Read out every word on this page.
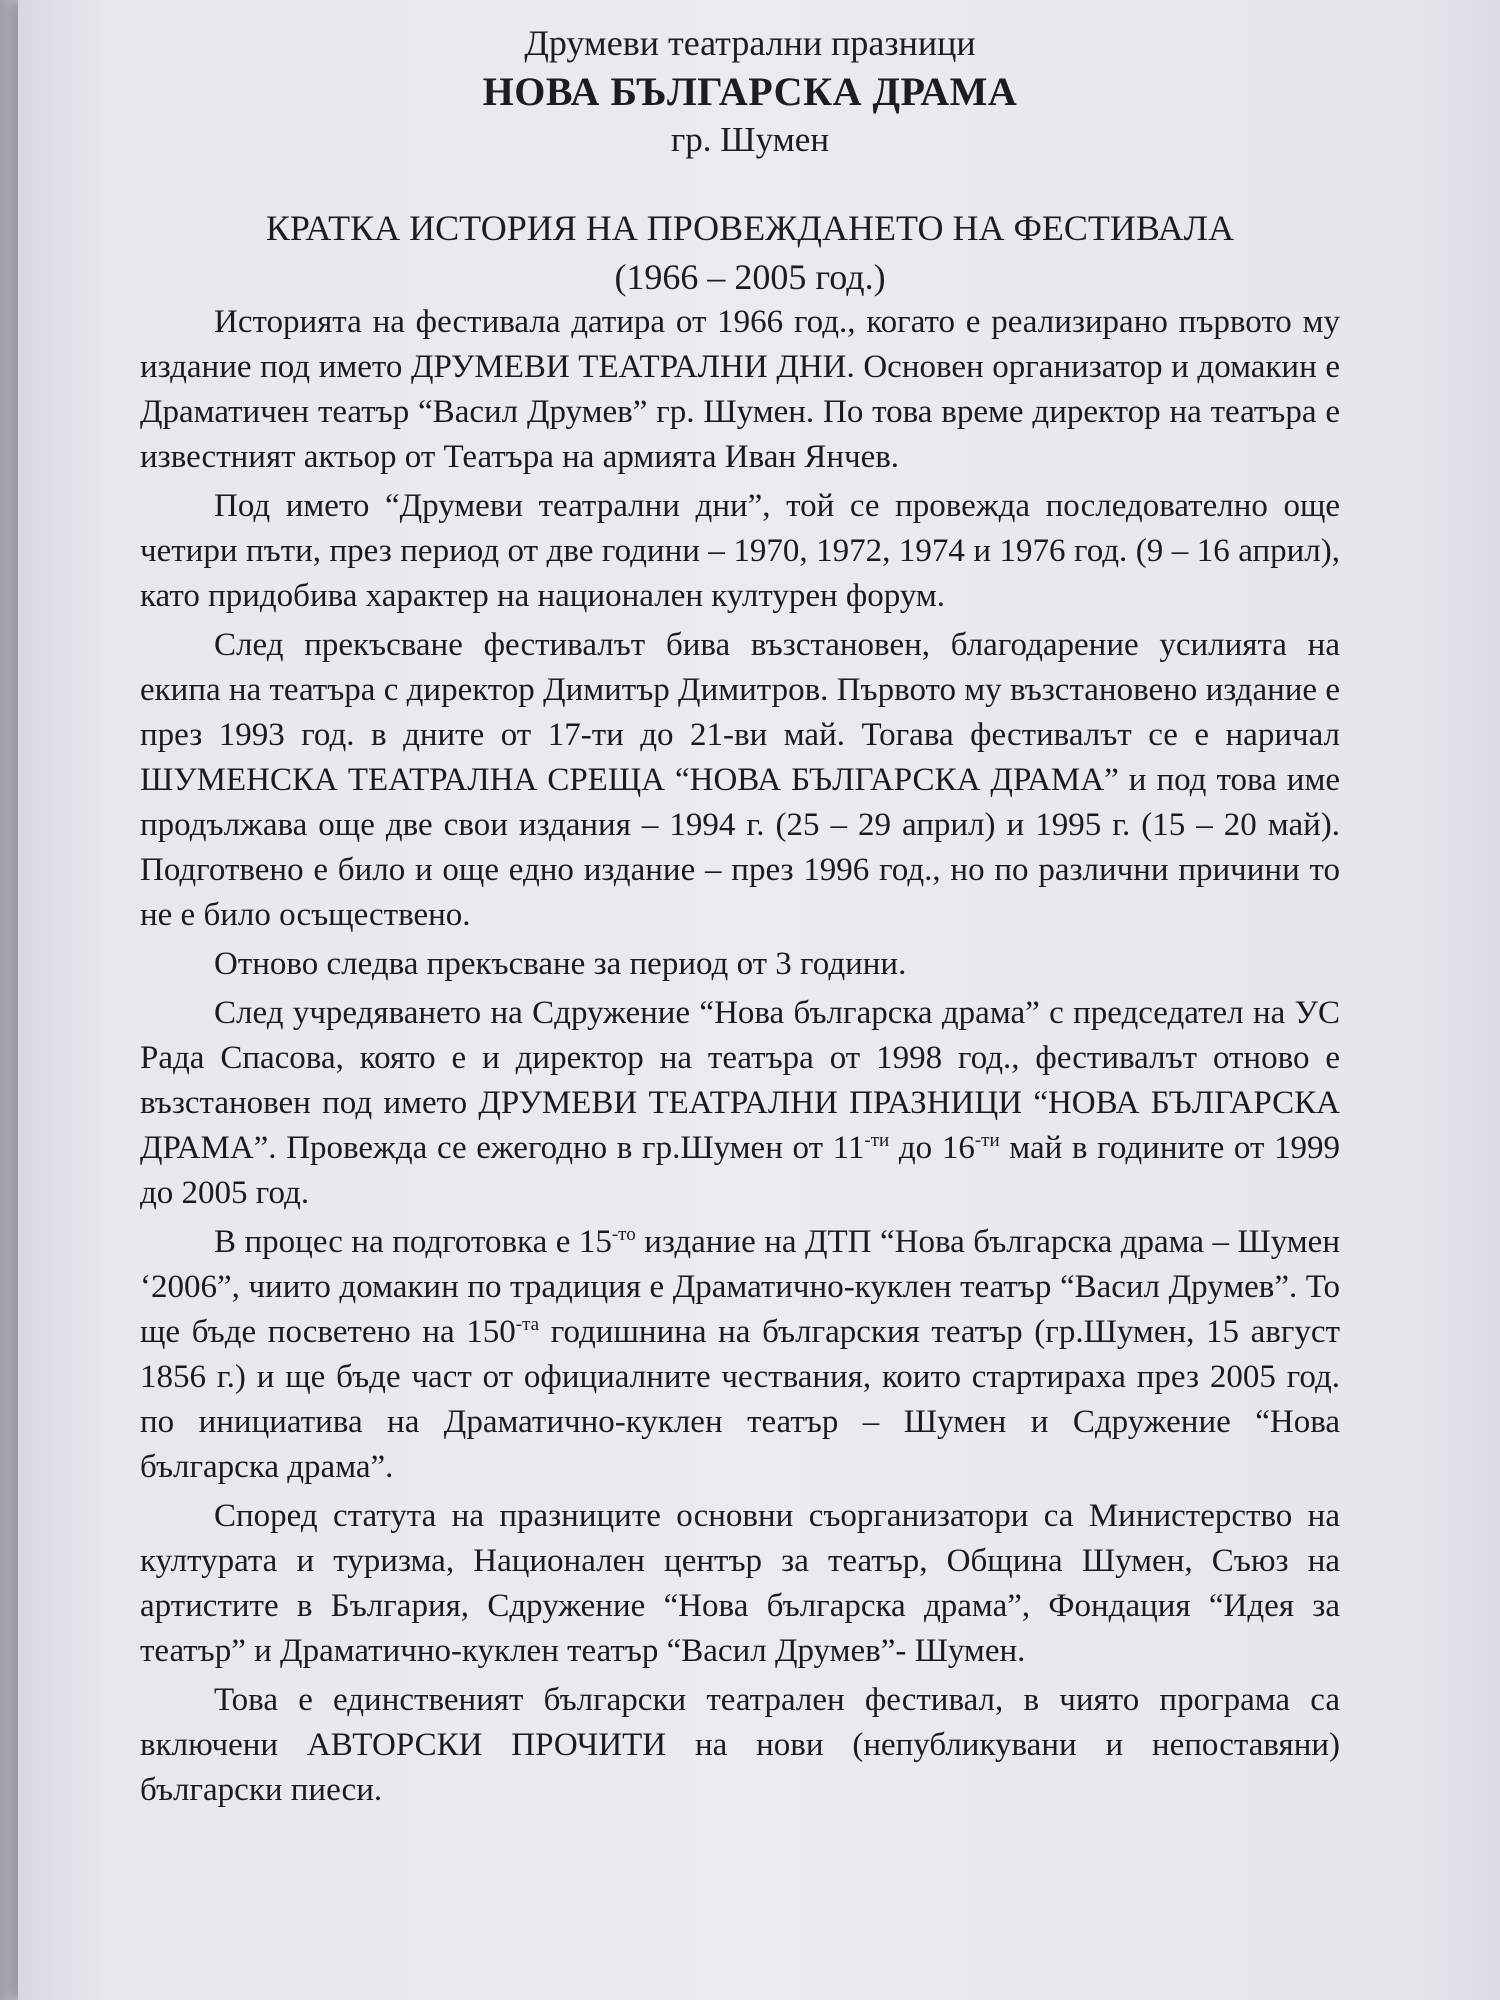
Друмеви театрални празници
НОВА БЪЛГАРСКА ДРАМА
гр. Шумен
КРАТКА ИСТОРИЯ НА ПРОВЕЖДАНЕТО НА ФЕСТИВАЛА
(1966 – 2005 год.)

Историята на фестивала датира от 1966 год., когато е реализирано първото му издание под името ДРУМЕВИ ТЕАТРАЛНИ ДНИ. Основен организатор и домакин е Драматичен театър “Васил Друмев” гр. Шумен. По това време директор на театъра е известният актьор от Театъра на армията Иван Янчев.

Под името “Друмеви театрални дни”, той се провежда последователно още четири пъти, през период от две години – 1970, 1972, 1974 и 1976 год. (9 – 16 април), като придобива характер на национален културен форум.

След прекъсване фестивалът бива възстановен, благодарение усилията на екипа на театъра с директор Димитър Димитров. Първото му възстановено издание е през 1993 год. в дните от 17-ти до 21-ви май. Тогава фестивалът се е наричал ШУМЕНСКА ТЕАТРАЛНА СРЕЩА “НОВА БЪЛГАРСКА ДРАМА” и под това име продължава още две свои издания – 1994 г. (25 – 29 април) и 1995 г. (15 – 20 май). Подготвено е било и още едно издание – през 1996 год., но по различни причини то не е било осъществено.

Отново следва прекъсване за период от 3 години.

След учредяването на Сдружение “Нова българска драма” с председател на УС Рада Спасова, която е и директор на театъра от 1998 год., фестивалът отново е възстановен под името ДРУМЕВИ ТЕАТРАЛНИ ПРАЗНИЦИ “НОВА БЪЛГАРСКА ДРАМА”. Провежда се ежегодно в гр.Шумен от $11^{-ти}$ до $16^{-ти}$ май в годините от 1999 до 2005 год.

В процес на подготовка е $15^{-то}$ издание на ДТП “Нова българска драма – Шумен ‘2006”, чиито домакин по традиция е Драматично-куклен театър “Васил Друмев”. То ще бъде посветено на $150^{-та}$ годишнина на българския театър (гр.Шумен, 15 август 1856 г.) и ще бъде част от официалните чествания, които стартираха през 2005 год. по инициатива на Драматично-куклен театър – Шумен и Сдружение “Нова българска драма”.

Според статута на празниците основни съорганизатори са Министерство на културата и туризма, Национален център за театър, Община Шумен, Съюз на артистите в България, Сдружение “Нова българска драма”, Фондация “Идея за театър” и Драматично-куклен театър “Васил Друмев”- Шумен.

Това е единственият български театрален фестивал, в чиято програма са включени АВТОРСКИ ПРОЧИТИ на нови (непубликувани и непоставяни) български пиеси.
